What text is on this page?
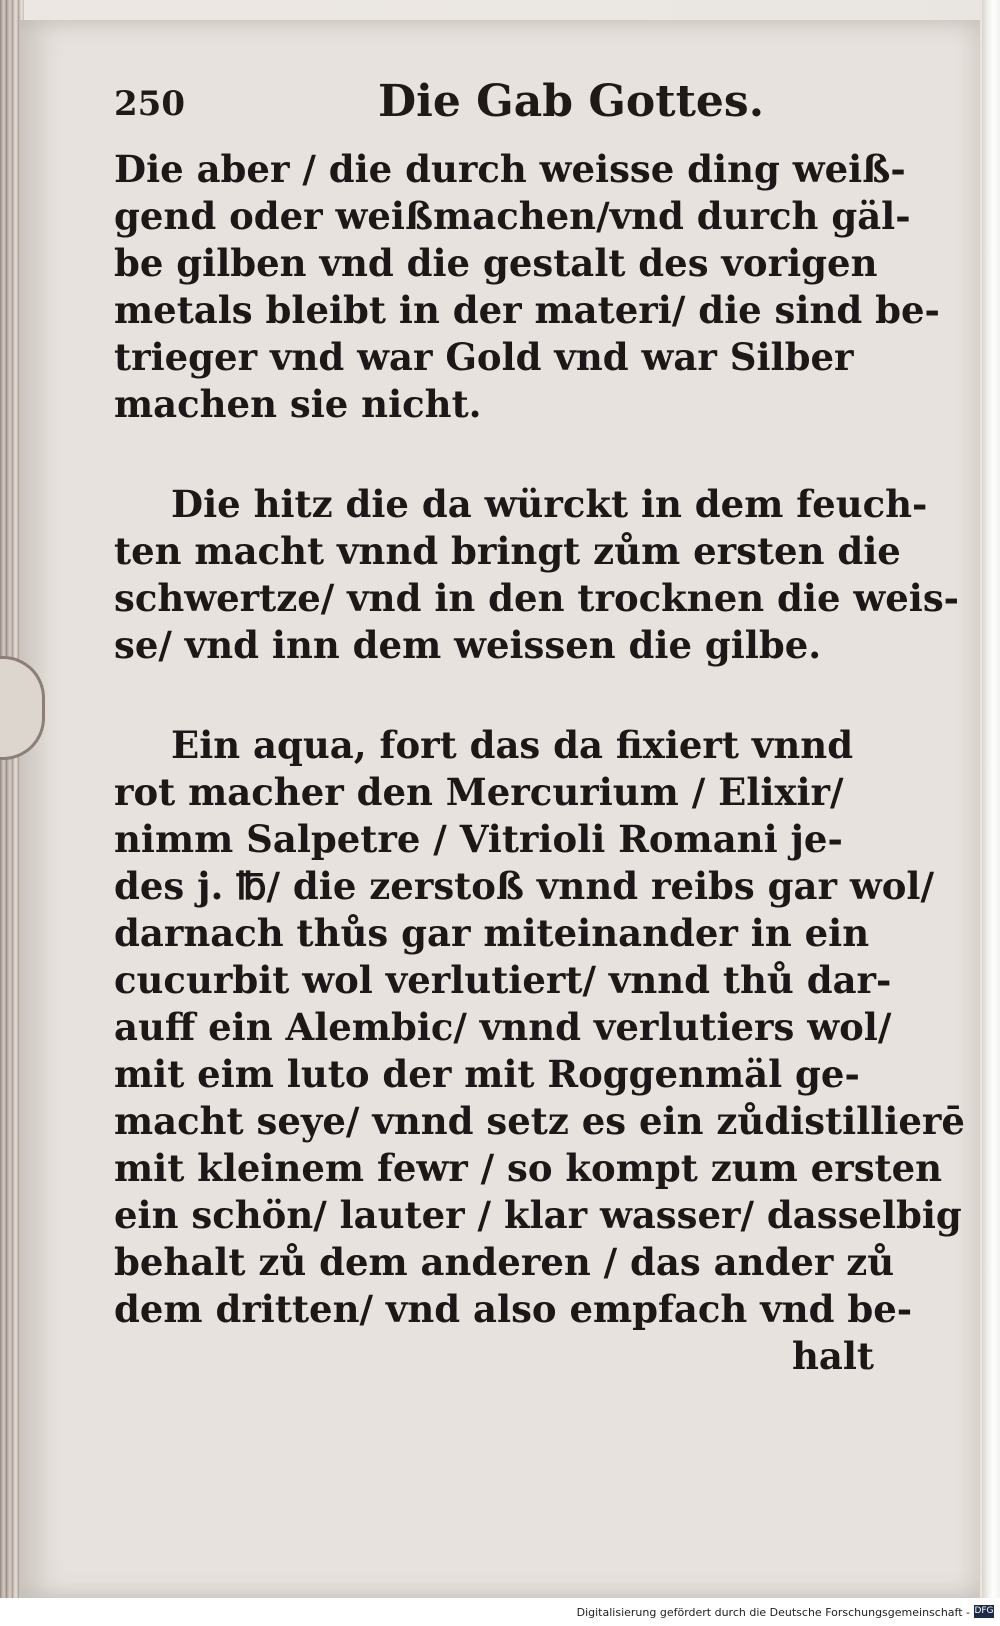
250	Die Gab Gottes.
Die aber / die durch weisse ding weiß-
gend oder weißmachen/vnd durch gäl-
be gilben vnd die gestalt des vorigen
metals bleibt in der materi/ die sind be-
trieger vnd war Gold vnd war Silber
machen sie nicht.
Die hitz die da würckt in dem feuch-
ten macht vnnd bringt zům ersten die
schwertze/ vnd in den trocknen die weis-
se/ vnd inn dem weissen die gilbe.
Ein aqua, fort das da fixiert vnnd
rot macher den Mercurium / Elixir/
nimm Salpetre / Vitrioli Romani je-
des j. ℔/ die zerstoß vnnd reibs gar wol/
darnach thůs gar miteinander in ein
cucurbit wol verlutiert/ vnnd thů dar-
auff ein Alembic/ vnnd verlutiers wol/
mit eim luto der mit Roggenmäl ge-
macht seye/ vnnd setz es ein zůdistillierē
mit kleinem fewr / so kompt zum ersten
ein schön/ lauter / klar wasser/ dasselbig
behalt zů dem anderen / das ander zů
dem dritten/ vnd also empfach vnd be-
halt
Digitalisierung gefördert durch die Deutsche Forschungsgemeinschaft - DFG
